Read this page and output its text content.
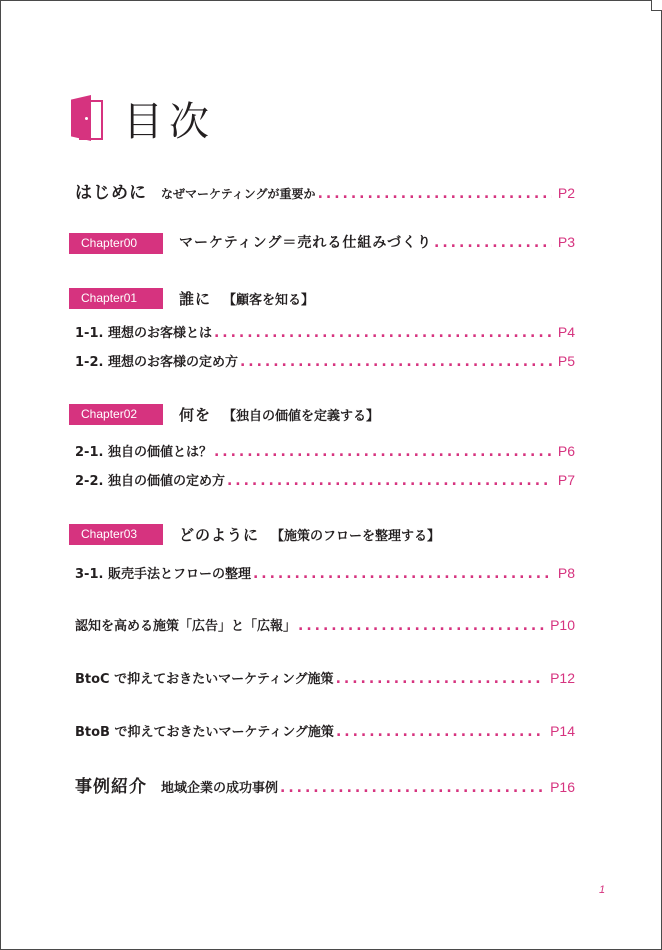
目次
はじめに なぜマーケティングが重要か .....	P2
Chapter00	マーケティング＝売れる仕組みづくり .....	P3
Chapter01	誰に 【顧客を知る】
1-1. 理想のお客様とは .....	P4
1-2. 理想のお客様の定め方 .....	P5
Chapter02	何を 【独自の価値を定義する】
2-1. 独自の価値とは？ .....	P6
2-2. 独自の価値の定め方 .....	P7
Chapter03	どのように 【施策のフローを整理する】
3-1. 販売手法とフローの整理 .....	P8
認知を高める施策「広告」と「広報」 .....	P10
BtoC で抑えておきたいマーケティング施策 .....	P12
BtoB で抑えておきたいマーケティング施策 .....	P14
事例紹介 地域企業の成功事例 .....	P16
1
